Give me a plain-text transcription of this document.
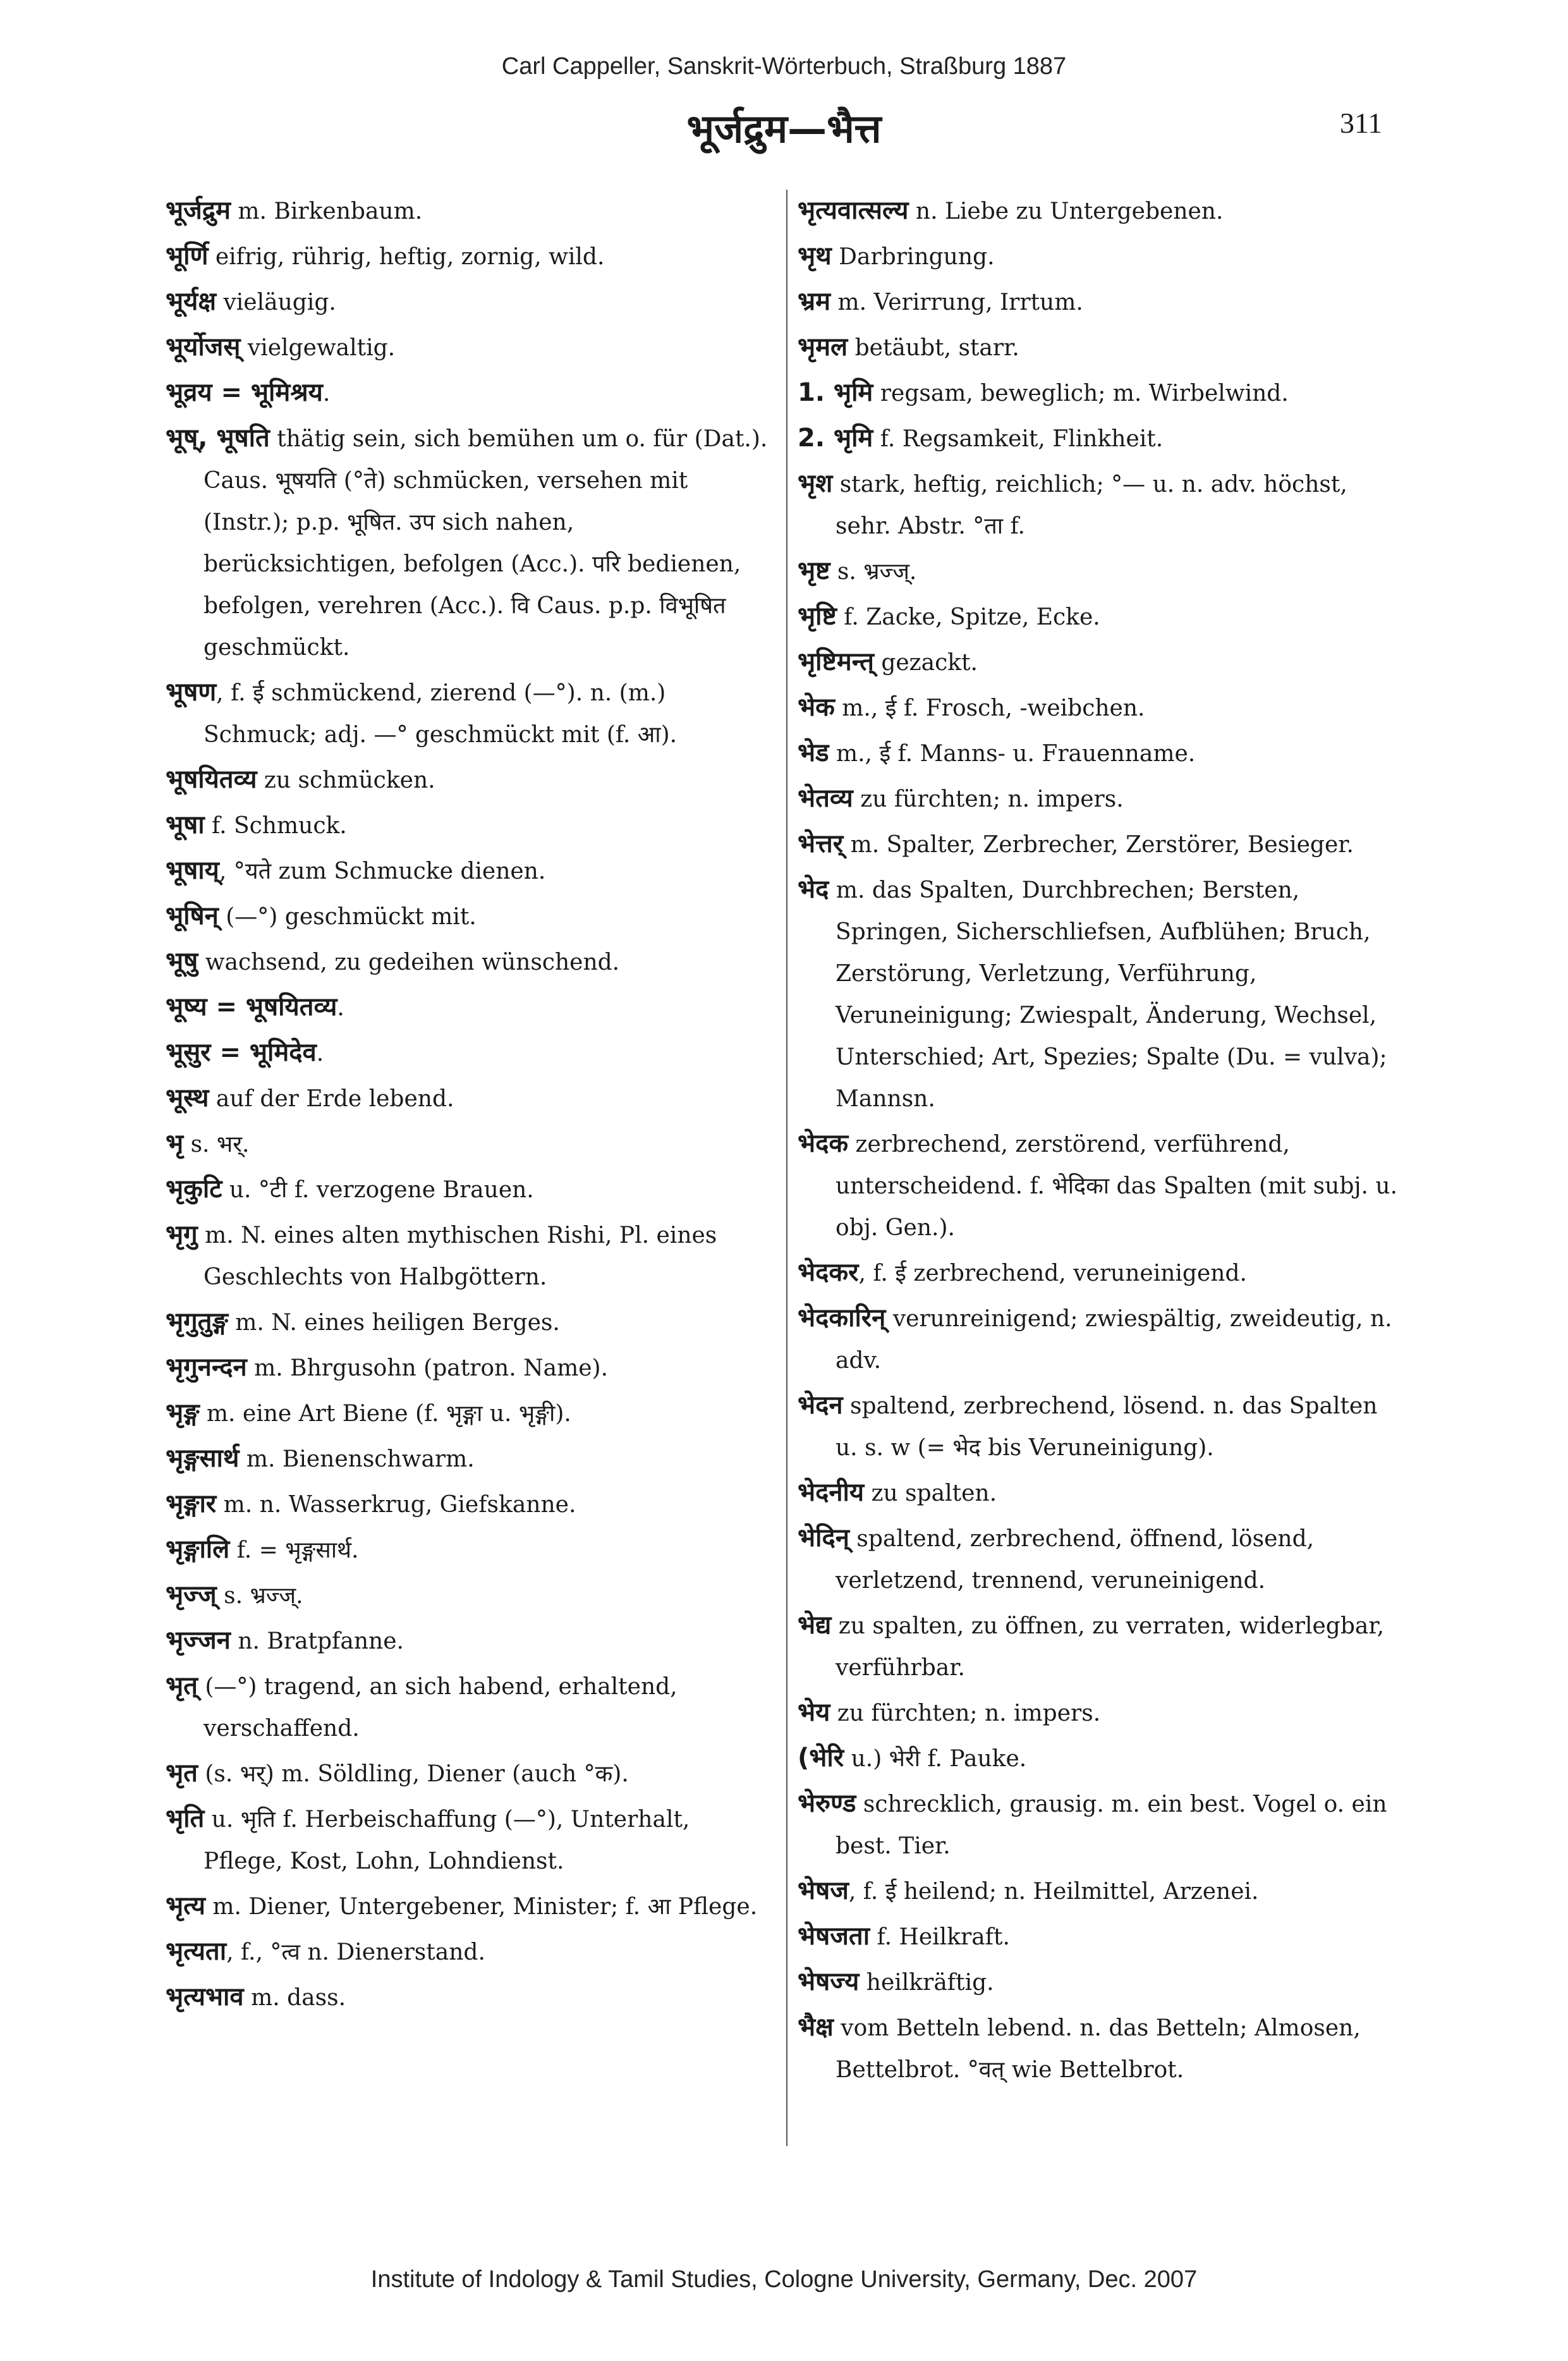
Carl Cappeller, Sanskrit-Wörterbuch, Straßburg 1887
भूर्जद्रुम—भैत्त	311

भूर्जद्रुम m. Birkenbaum.

भूर्णि eifrig, rührig, heftig, zornig, wild.

भूर्यक्ष vieläugig.

भूर्योजस् vielgewaltig.

भूव्रय = भूमिश्रय.

भूष्, भूषति thätig sein, sich bemühen um o. für (Dat.). Caus. भूषयति (°ते) schmücken, versehen mit (Instr.); p.p. भूषित. उप sich nahen, berücksichtigen, befolgen (Acc.). परि bedienen, befolgen, verehren (Acc.). वि Caus. p.p. विभूषित geschmückt.

भूषण, f. ई schmückend, zierend (—°). n. (m.) Schmuck; adj. —° geschmückt mit (f. आ).

भूषयितव्य zu schmücken.

भूषा f. Schmuck.

भूषाय्, °यते zum Schmucke dienen.

भूषिन् (—°) geschmückt mit.

भूषु wachsend, zu gedeihen wünschend.

भूष्य = भूषयितव्य.

भूसुर = भूमिदेव.

भूस्थ auf der Erde lebend.

भृ s. भर्.

भृकुटि u. °टी f. verzogene Brauen.

भृगु m. N. eines alten mythischen Rishi, Pl. eines Geschlechts von Halbgöttern.

भृगुतुङ्ग m. N. eines heiligen Berges.

भृगुनन्दन m. Bhrgusohn (patron. Name).

भृङ्ग m. eine Art Biene (f. भृङ्गा u. भृङ्गी).

भृङ्गसार्थ m. Bienenschwarm.

भृङ्गार m. n. Wasserkrug, Giefskanne.

भृङ्गालि f. = भृङ्गसार्थ.

भृज्ज् s. भ्रज्ज्.

भृज्जन n. Bratpfanne.

भृत् (—°) tragend, an sich habend, erhaltend, verschaffend.

भृत (s. भर्) m. Söldling, Diener (auch °क).

भृति u. भृति f. Herbeischaffung (—°), Unterhalt, Pflege, Kost, Lohn, Lohndienst.

भृत्य m. Diener, Untergebener, Minister; f. आ Pflege.

भृत्यता, f., °त्व n. Dienerstand.

भृत्यभाव m. dass.

भृत्यवात्सल्य n. Liebe zu Untergebenen.

भृथ Darbringung.

भ्रम m. Verirrung, Irrtum.

भृमल betäubt, starr.

1. भृमि regsam, beweglich; m. Wirbelwind.

2. भृमि f. Regsamkeit, Flinkheit.

भृश stark, heftig, reichlich; °— u. n. adv. höchst, sehr. Abstr. °ता f.

भृष्ट s. भ्रज्ज्.

भृष्टि f. Zacke, Spitze, Ecke.

भृष्टिमन्त् gezackt.

भेक m., ई f. Frosch, -weibchen.

भेड m., ई f. Manns- u. Frauenname.

भेतव्य zu fürchten; n. impers.

भेत्तर् m. Spalter, Zerbrecher, Zerstörer, Besieger.

भेद m. das Spalten, Durchbrechen; Bersten, Springen, Sicherschliefsen, Aufblühen; Bruch, Zerstörung, Verletzung, Verführung, Veruneinigung; Zwiespalt, Änderung, Wechsel, Unterschied; Art, Spezies; Spalte (Du. = vulva); Mannsn.

भेदक zerbrechend, zerstörend, verführend, unterscheidend. f. भेदिका das Spalten (mit subj. u. obj. Gen.).

भेदकर, f. ई zerbrechend, veruneinigend.

भेदकारिन् verunreinigend; zwiespältig, zweideutig, n. adv.

भेदन spaltend, zerbrechend, lösend. n. das Spalten u. s. w (= भेद bis Veruneinigung).

भेदनीय zu spalten.

भेदिन् spaltend, zerbrechend, öffnend, lösend, verletzend, trennend, veruneinigend.

भेद्य zu spalten, zu öffnen, zu verraten, widerlegbar, verführbar.

भेय zu fürchten; n. impers.

(भेरि u.) भेरी f. Pauke.

भेरुण्ड schrecklich, grausig. m. ein best. Vogel o. ein best. Tier.

भेषज, f. ई heilend; n. Heilmittel, Arzenei.

भेषजता f. Heilkraft.

भेषज्य heilkräftig.

भैक्ष vom Betteln lebend. n. das Betteln; Almosen, Bettelbrot. °वत् wie Bettelbrot.

Institute of Indology & Tamil Studies, Cologne University, Germany, Dec. 2007
